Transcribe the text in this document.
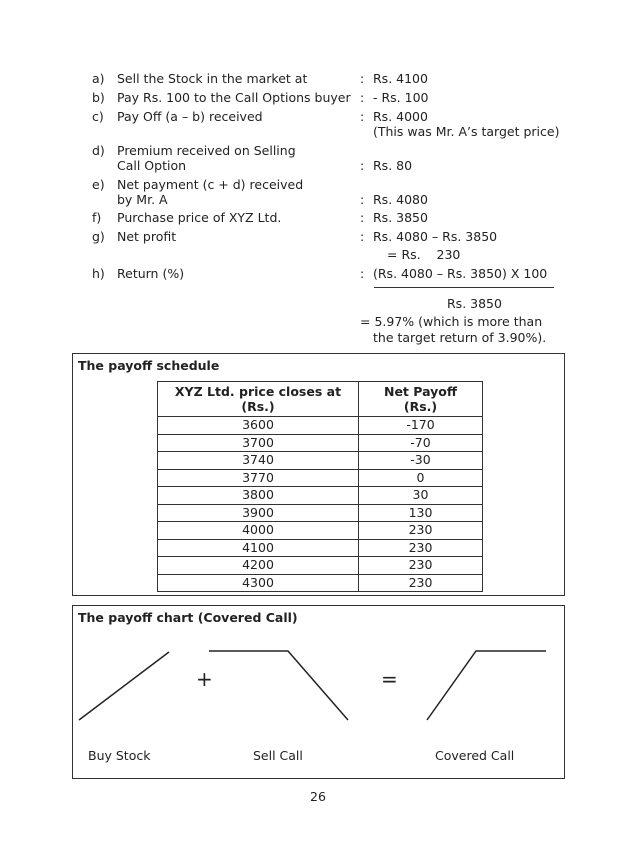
a) Sell the Stock in the market at	: Rs. 4100
b) Pay Rs. 100 to the Call Options buyer : - Rs. 100
c) Pay Off (a – b) received	: Rs. 4000
(This was Mr. A’s target price)
d) Premium received on Selling
Call Option	: Rs. 80
e) Net payment (c + d) received
by Mr. A	: Rs. 4080
f) Purchase price of XYZ Ltd.	: Rs. 3850
g) Net profit	: Rs. 4080 – Rs. 3850
= Rs.    230
h) Return (%)	: (Rs. 4080 – Rs. 3850) X 100
Rs. 3850
= 5.97% (which is more than
the target return of 3.90%).
The payoff schedule
XYZ Ltd. price closes at
(Rs.)	Net Payoff
(Rs.)
3600	-170
3700	-70
3740	-30
3770	0
3800	30
3900	130
4000	230
4100	230
4200	230
4300	230
The payoff chart (Covered Call)
+	=
Buy Stock	Sell Call	Covered Call
26
